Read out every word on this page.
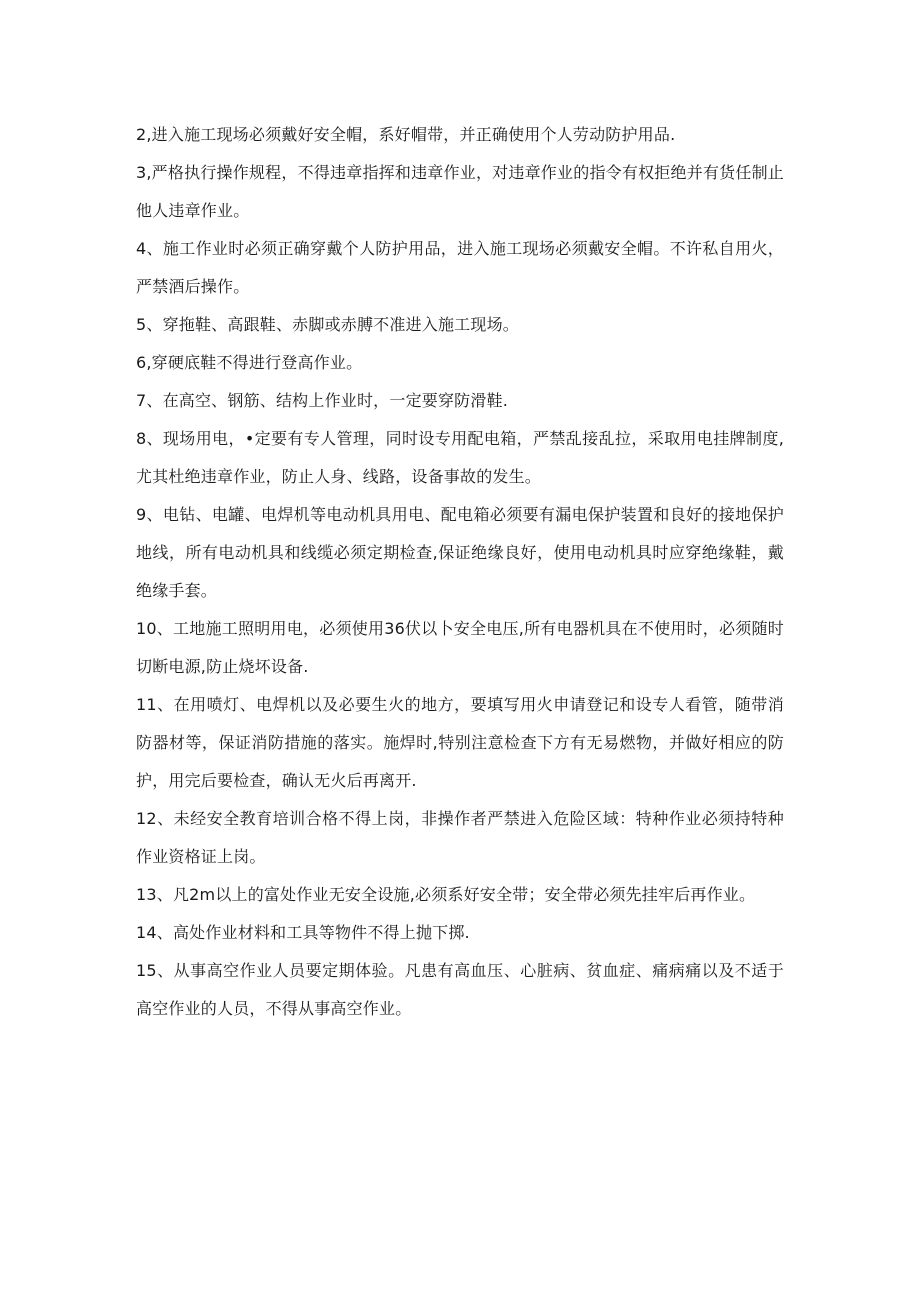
2,进入施工现场必须戴好安全帽，系好帽带，并正确使用个人劳动防护用品.

3,严格执行操作规程，不得违章指挥和违章作业，对违章作业的指令有权拒绝并有货任制止他人违章作业。

4、施工作业时必须正确穿戴个人防护用品，进入施工现场必须戴安全帽。不许私自用火，严禁酒后操作。

5、穿拖鞋、高跟鞋、赤脚或赤膊不准进入施工现场。

6,穿硬底鞋不得进行登高作业。

7、在高空、钢筋、结构上作业时，一定要穿防滑鞋.

8、现场用电，•定要有专人管理，同时设专用配电箱，严禁乱接乱拉，采取用电挂牌制度,尤其杜绝违章作业，防止人身、线路，设备事故的发生。

9、电钻、电罐、电焊机等电动机具用电、配电箱必须要有漏电保护装置和良好的接地保护地线，所有电动机具和线缆必须定期检查,保证绝缘良好，使用电动机具时应穿绝缘鞋，戴绝缘手套。

10、工地施工照明用电，必须使用36伏以卜安全电压,所有电器机具在不使用时，必须随时切断电源,防止烧坏设备.

11、在用喷灯、电焊机以及必要生火的地方，要填写用火申请登记和设专人看管，随带消防器材等，保证消防措施的落实。施焊时,特别注意检查下方有无易燃物，并做好相应的防护，用完后要检查，确认无火后再离开.

12、未经安全教育培训合格不得上岗，非操作者严禁进入危险区域：特种作业必须持特种作业资格证上岗。

13、凡2m以上的富处作业无安全设施,必须系好安全带；安全带必须先挂牢后再作业。

14、高处作业材料和工具等物件不得上抛下掷.

15、从事高空作业人员要定期体验。凡患有高血压、心脏病、贫血症、痛病痛以及不适于高空作业的人员，不得从事高空作业。
